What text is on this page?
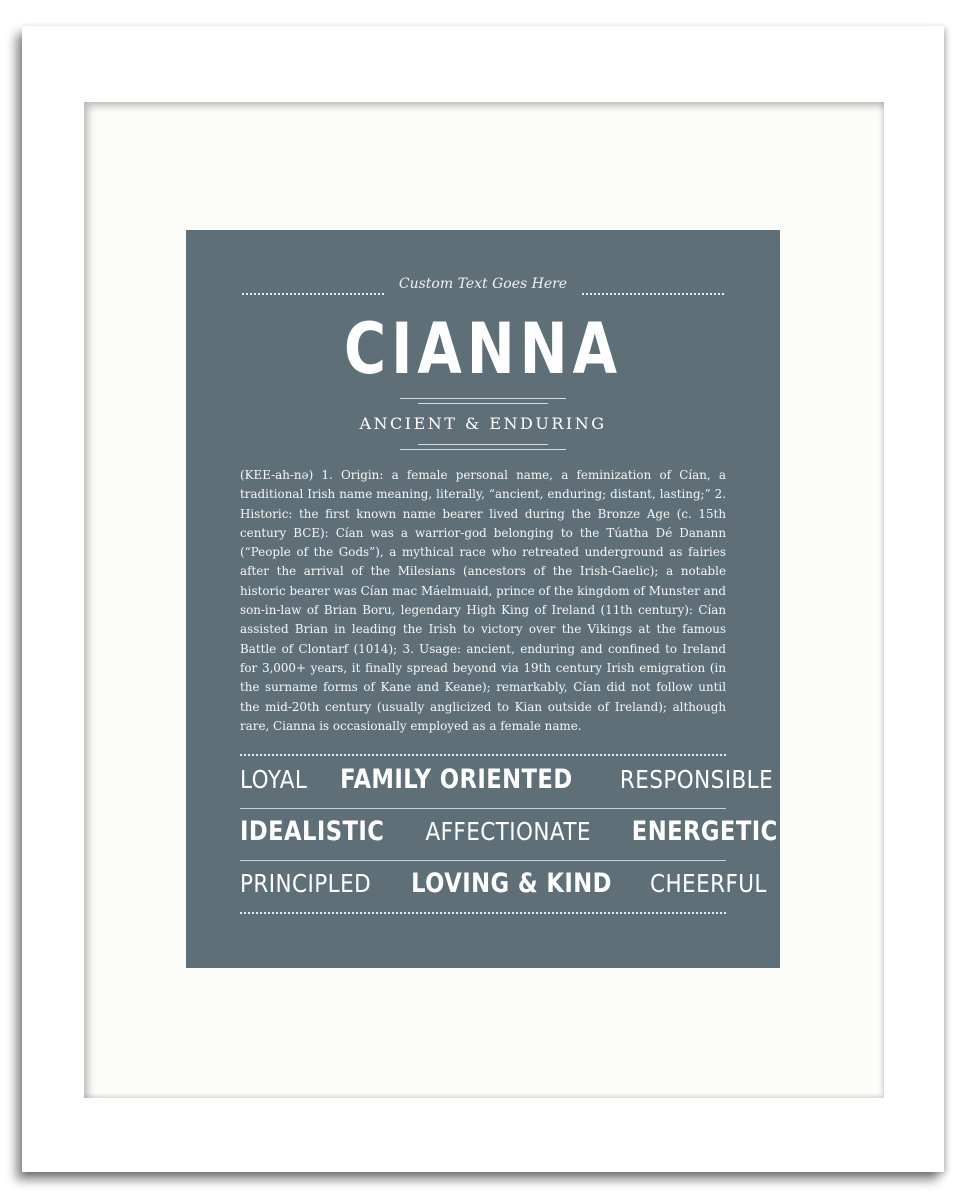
Custom Text Goes Here
CIANNA
ANCIENT & ENDURING
(KEE-ah-nə) 1. Origin: a female personal name, a feminization of Cían, a traditional Irish name meaning, literally, “ancient, enduring; distant, lasting;” 2. Historic: the first known name bearer lived during the Bronze Age (c. 15th century BCE): Cían was a warrior-god belonging to the Túatha Dé Danann (“People of the Gods”), a mythical race who retreated underground as fairies after the arrival of the Milesians (ancestors of the Irish-Gaelic); a notable historic bearer was Cían mac Máelmuaid, prince of the kingdom of Munster and son-in-law of Brian Boru, legendary High King of Ireland (11th century): Cían assisted Brian in leading the Irish to victory over the Vikings at the famous Battle of Clontarf (1014); 3. Usage: ancient, enduring and confined to Ireland for 3,000+ years, it finally spread beyond via 19th century Irish emigration (in the surname forms of Kane and Keane); remarkably, Cían did not follow until the mid-20th century (usually anglicized to Kian outside of Ireland); although rare, Cianna is occasionally employed as a female name.
LOYAL FAMILY ORIENTED RESPONSIBLE
IDEALISTIC AFFECTIONATE ENERGETIC
PRINCIPLED LOVING & KIND CHEERFUL
